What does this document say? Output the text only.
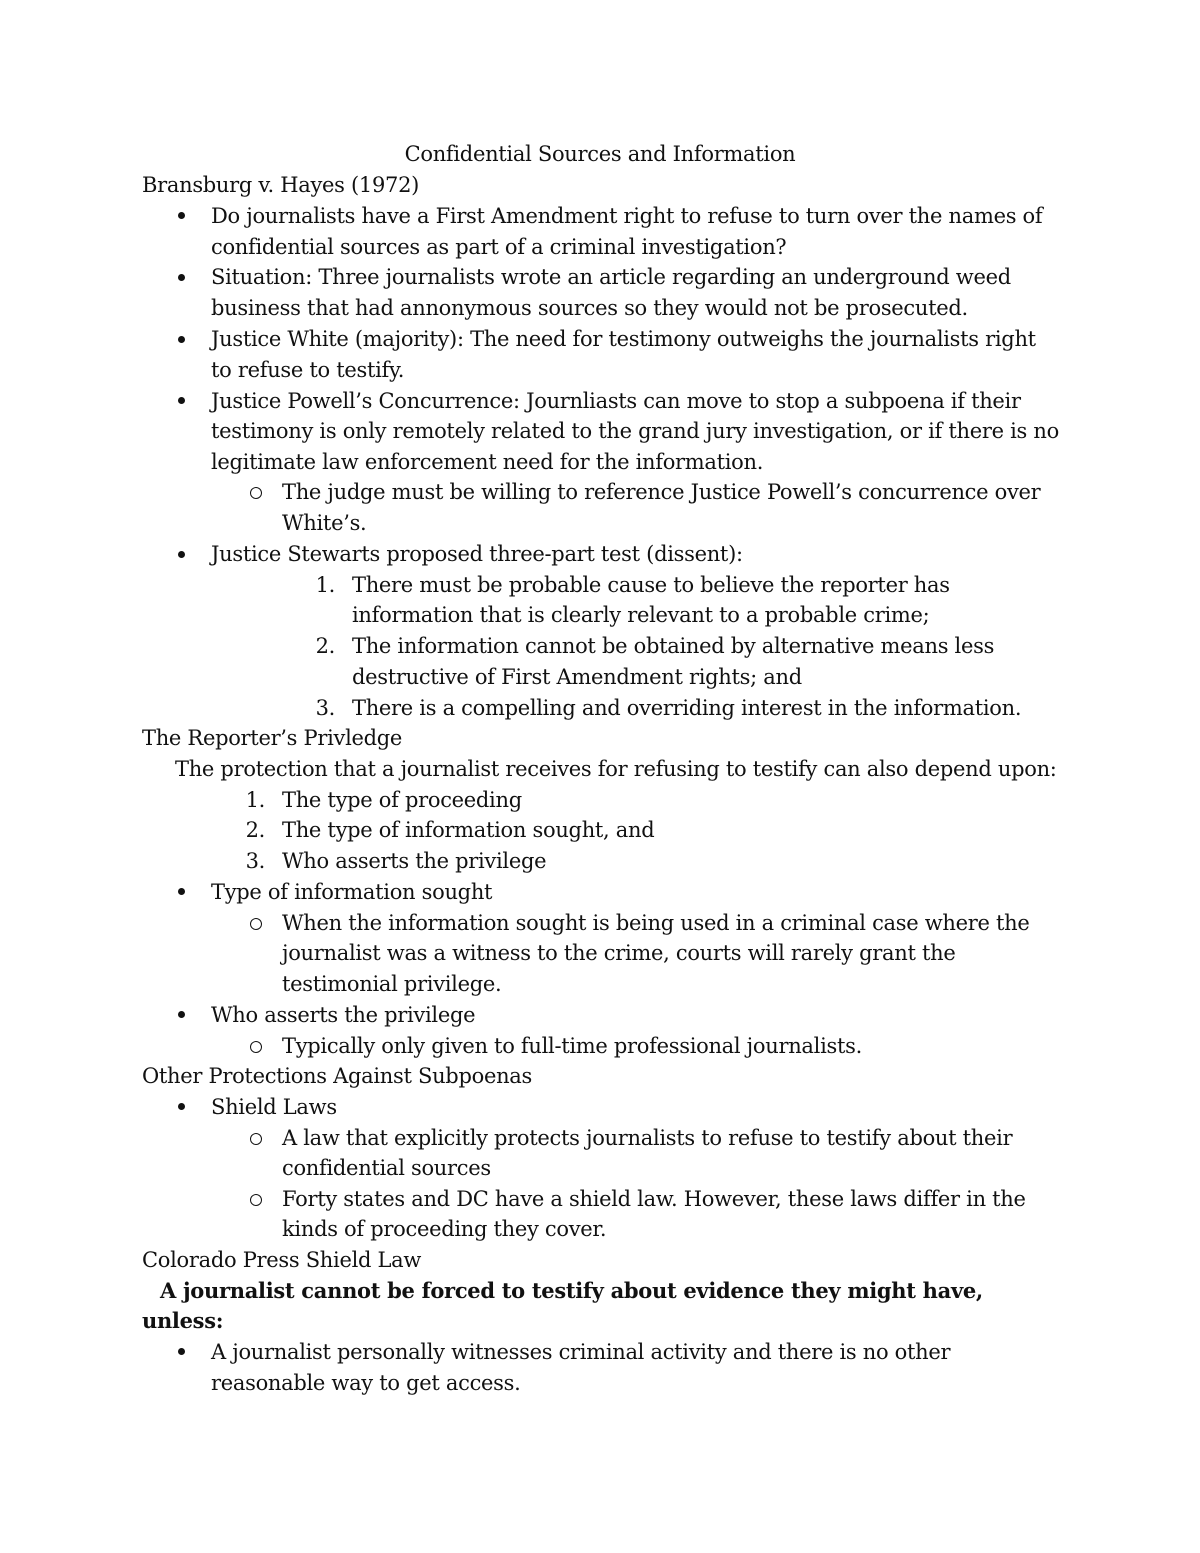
Confidential Sources and Information
Bransburg v. Hayes (1972)
Do journalists have a First Amendment right to refuse to turn over the names of
confidential sources as part of a criminal investigation?
Situation: Three journalists wrote an article regarding an underground weed
business that had annonymous sources so they would not be prosecuted.
Justice White (majority): The need for testimony outweighs the journalists right
to refuse to testify.
Justice Powell’s Concurrence: Journliasts can move to stop a subpoena if their
testimony is only remotely related to the grand jury investigation, or if there is no
legitimate law enforcement need for the information.
The judge must be willing to reference Justice Powell’s concurrence over
White’s.
Justice Stewarts proposed three-part test (dissent):
1. There must be probable cause to believe the reporter has
information that is clearly relevant to a probable crime;
2. The information cannot be obtained by alternative means less
destructive of First Amendment rights; and
3. There is a compelling and overriding interest in the information.
The Reporter’s Privledge
The protection that a journalist receives for refusing to testify can also depend upon:
1. The type of proceeding
2. The type of information sought, and
3. Who asserts the privilege
Type of information sought
When the information sought is being used in a criminal case where the
journalist was a witness to the crime, courts will rarely grant the
testimonial privilege.
Who asserts the privilege
Typically only given to full-time professional journalists.
Other Protections Against Subpoenas
Shield Laws
A law that explicitly protects journalists to refuse to testify about their
confidential sources
Forty states and DC have a shield law. However, these laws differ in the
kinds of proceeding they cover.
Colorado Press Shield Law
A journalist cannot be forced to testify about evidence they might have,
unless:
A journalist personally witnesses criminal activity and there is no other
reasonable way to get access.
